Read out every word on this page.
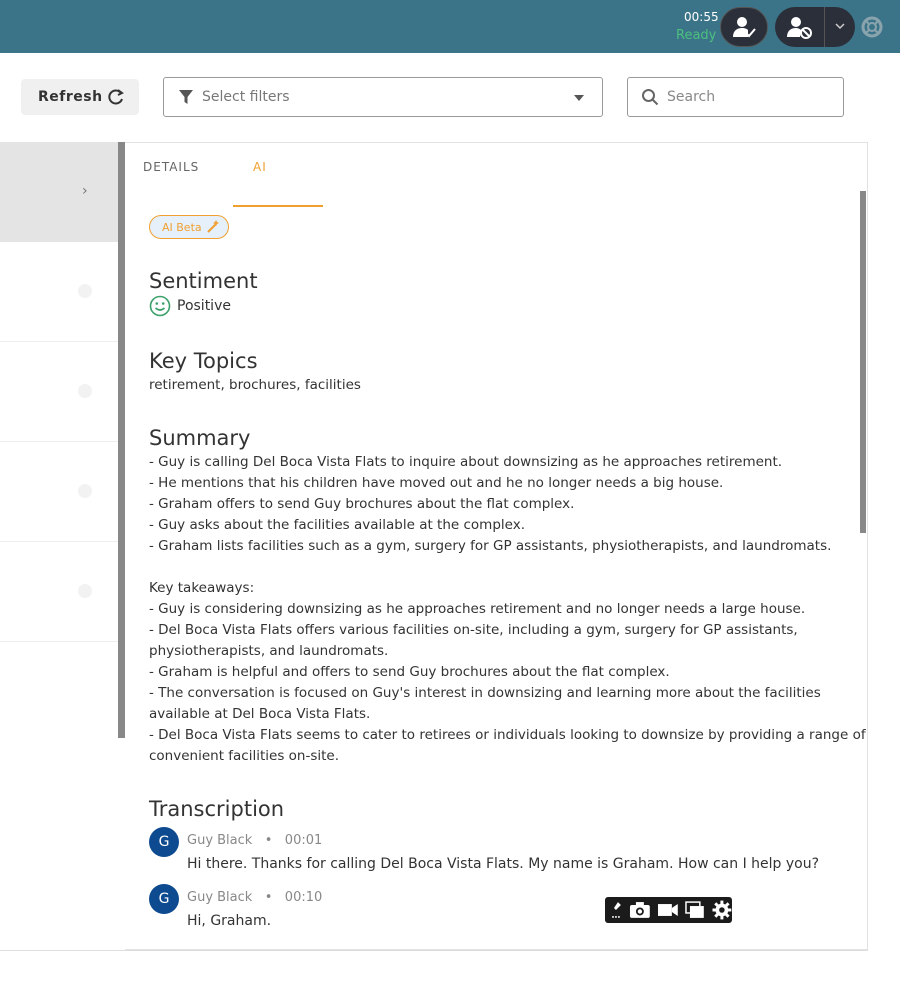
00:55
Ready
Refresh	Select filters	Search
›
DETAILS	AI
AI Beta
Sentiment
Positive
Key Topics
retirement, brochures, facilities
Summary
- Guy is calling Del Boca Vista Flats to inquire about downsizing as he approaches retirement.
- He mentions that his children have moved out and he no longer needs a big house.
- Graham offers to send Guy brochures about the flat complex.
- Guy asks about the facilities available at the complex.
- Graham lists facilities such as a gym, surgery for GP assistants, physiotherapists, and laundromats.
Key takeaways:
- Guy is considering downsizing as he approaches retirement and no longer needs a large house.
- Del Boca Vista Flats offers various facilities on-site, including a gym, surgery for GP assistants,
physiotherapists, and laundromats.
- Graham is helpful and offers to send Guy brochures about the flat complex.
- The conversation is focused on Guy's interest in downsizing and learning more about the facilities
available at Del Boca Vista Flats.
- Del Boca Vista Flats seems to cater to retirees or individuals looking to downsize by providing a range of
convenient facilities on-site.
Transcription
G	Guy Black   •   00:01
Hi there. Thanks for calling Del Boca Vista Flats. My name is Graham. How can I help you?
G	Guy Black   •   00:10
Hi, Graham.
